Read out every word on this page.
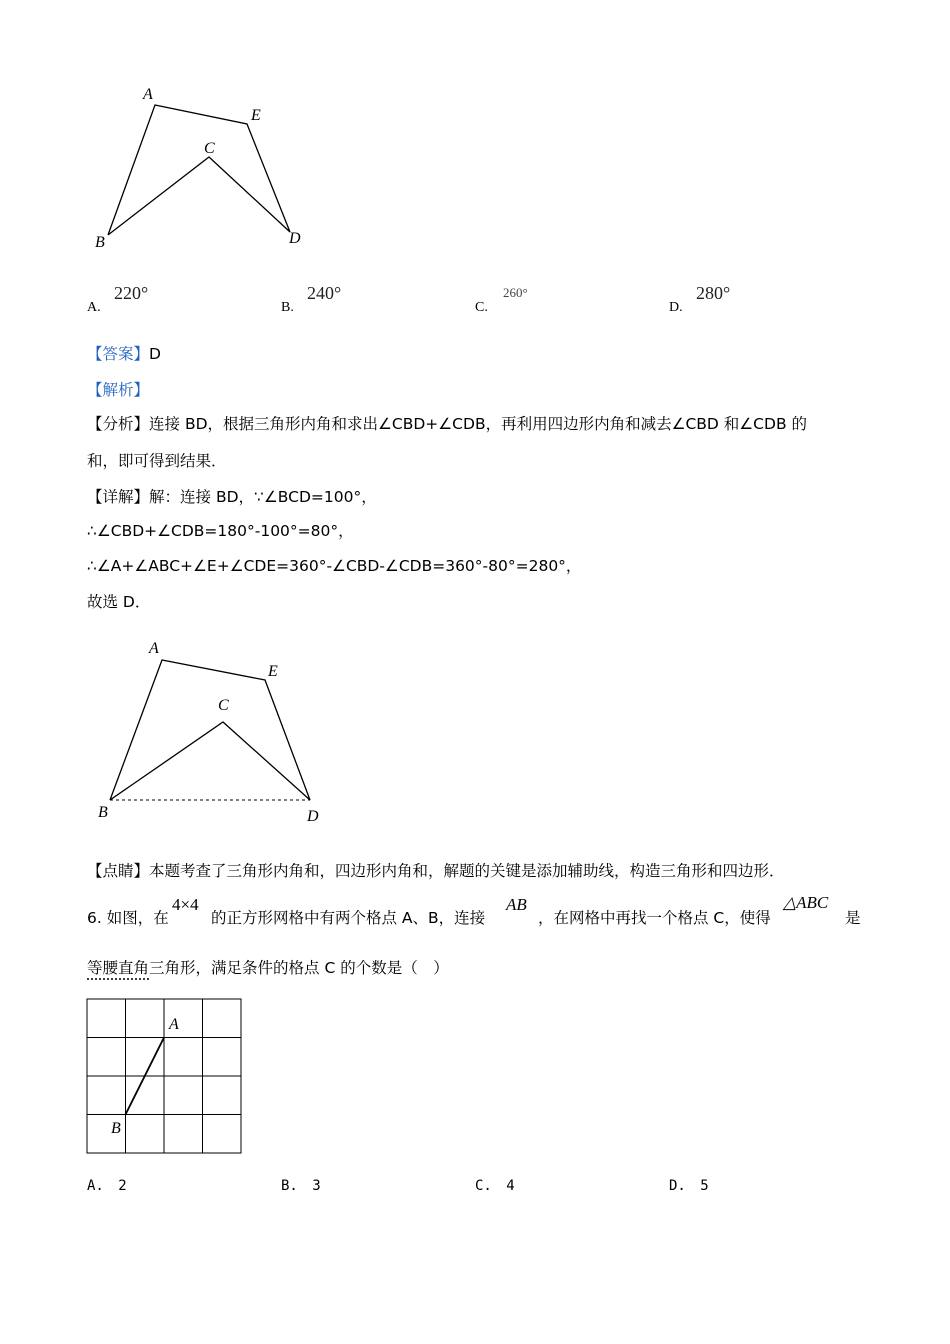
A
E
C
B	D
A.
220°
B.
240°
C.
260°
D.
280°
【答案】D
【解析】
【分析】连接 BD，根据三角形内角和求出∠CBD+∠CDB，再利用四边形内角和减去∠CBD 和∠CDB 的
和，即可得到结果．
【详解】解：连接 BD，∵∠BCD=100°，
∴∠CBD+∠CDB=180°-100°=80°，
∴∠A+∠ABC+∠E+∠CDE=360°-∠CBD-∠CDB=360°-80°=280°，
故选 D．
A
E
C
B	D
【点睛】本题考查了三角形内角和，四边形内角和，解题的关键是添加辅助线，构造三角形和四边形．
6. 如图，在
4×4
的正方形网格中有两个格点 A、B，连接
AB
，在网格中再找一个格点 C，使得
△ABC
是
等腰直角三角形，满足条件的格点 C 的个数是（　）
A
B
A. 2	B. 3	C. 4	D. 5
